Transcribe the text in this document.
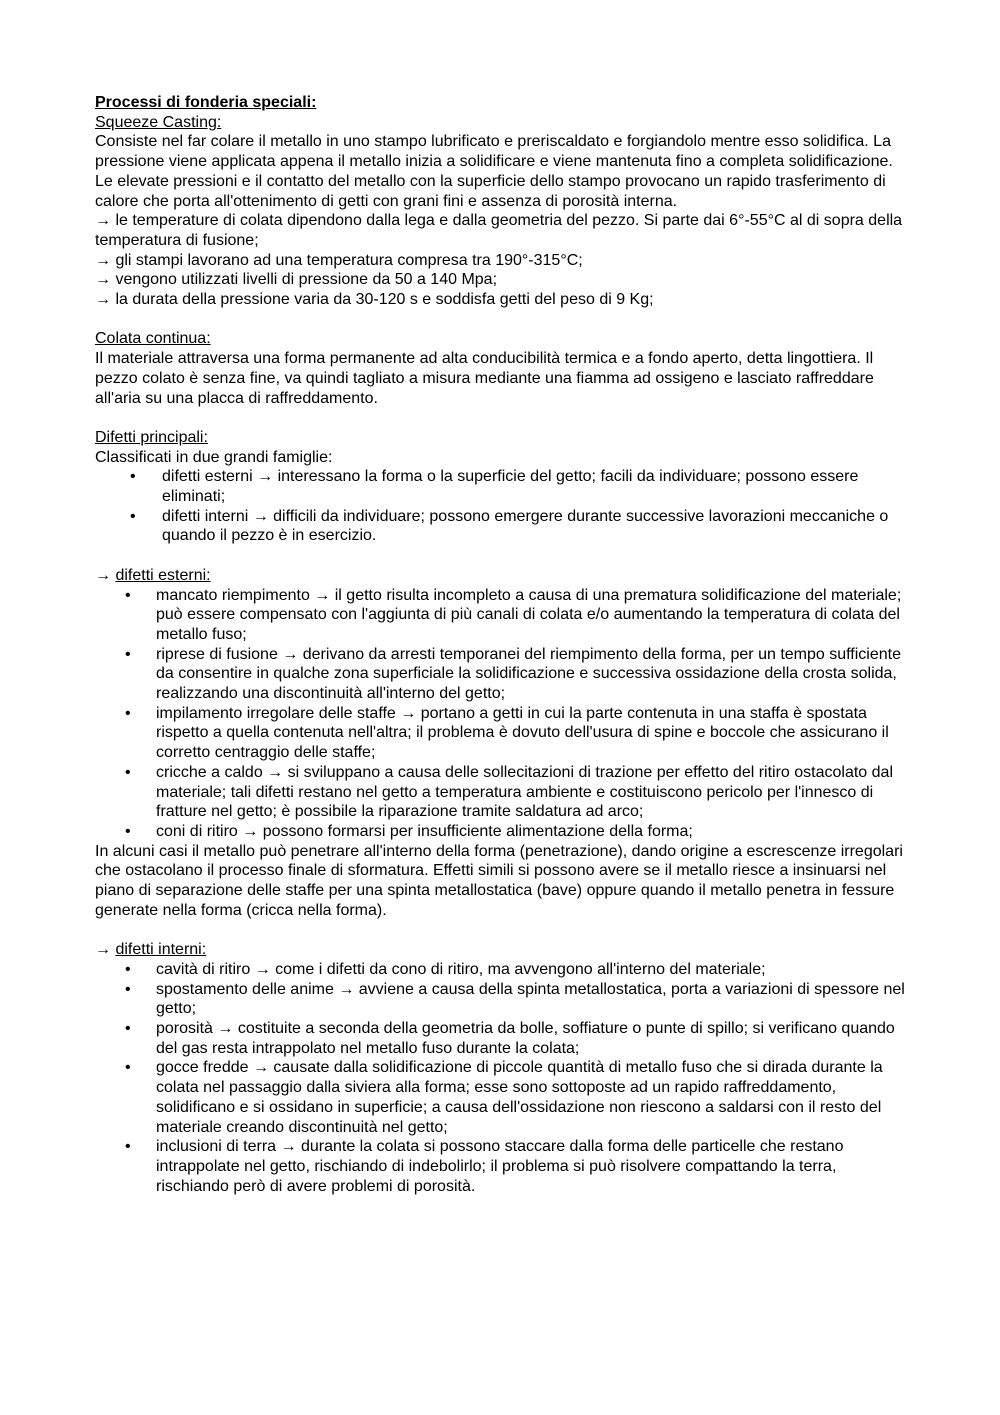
Processi di fonderia speciali:

Squeeze Casting:

Consiste nel far colare il metallo in uno stampo lubrificato e preriscaldato e forgiandolo mentre esso solidifica. La pressione viene applicata appena il metallo inizia a solidificare e viene mantenuta fino a completa solidificazione.

Le elevate pressioni e il contatto del metallo con la superficie dello stampo provocano un rapido trasferimento di calore che porta all'ottenimento di getti con grani fini e assenza di porosità interna.

→ le temperature di colata dipendono dalla lega e dalla geometria del pezzo. Si parte dai 6°-55°C al di sopra della temperatura di fusione;

→ gli stampi lavorano ad una temperatura compresa tra 190°-315°C;

→ vengono utilizzati livelli di pressione da 50 a 140 Mpa;

→ la durata della pressione varia da 30-120 s e soddisfa getti del peso di 9 Kg;

Colata continua:

Il materiale attraversa una forma permanente ad alta conducibilità termica e a fondo aperto, detta lingottiera. Il pezzo colato è senza fine, va quindi tagliato a misura mediante una fiamma ad ossigeno e lasciato raffreddare all'aria su una placca di raffreddamento.

Difetti principali:

Classificati in due grandi famiglie:

• difetti esterni → interessano la forma o la superficie del getto; facili da individuare; possono essere eliminati;
• difetti interni → difficili da individuare; possono emergere durante successive lavorazioni meccaniche o quando il pezzo è in esercizio.

→ difetti esterni:

• mancato riempimento → il getto risulta incompleto a causa di una prematura solidificazione del materiale; può essere compensato con l'aggiunta di più canali di colata e/o aumentando la temperatura di colata del metallo fuso;
• riprese di fusione → derivano da arresti temporanei del riempimento della forma, per un tempo sufficiente da consentire in qualche zona superficiale la solidificazione e successiva ossidazione della crosta solida, realizzando una discontinuità all'interno del getto;
• impilamento irregolare delle staffe → portano a getti in cui la parte contenuta in una staffa è spostata rispetto a quella contenuta nell'altra; il problema è dovuto dell'usura di spine e boccole che assicurano il corretto centraggio delle staffe;
• cricche a caldo → si sviluppano a causa delle sollecitazioni di trazione per effetto del ritiro ostacolato dal materiale; tali difetti restano nel getto a temperatura ambiente e costituiscono pericolo per l'innesco di fratture nel getto; è possibile la riparazione tramite saldatura ad arco;
• coni di ritiro → possono formarsi per insufficiente alimentazione della forma;

In alcuni casi il metallo può penetrare all'interno della forma (penetrazione), dando origine a escrescenze irregolari che ostacolano il processo finale di sformatura. Effetti simili si possono avere se il metallo riesce a insinuarsi nel piano di separazione delle staffe per una spinta metallostatica (bave) oppure quando il metallo penetra in fessure generate nella forma (cricca nella forma).

→ difetti interni:

• cavità di ritiro → come i difetti da cono di ritiro, ma avvengono all'interno del materiale;
• spostamento delle anime → avviene a causa della spinta metallostatica, porta a variazioni di spessore nel getto;
• porosità → costituite a seconda della geometria da bolle, soffiature o punte di spillo; si verificano quando del gas resta intrappolato nel metallo fuso durante la colata;
• gocce fredde → causate dalla solidificazione di piccole quantità di metallo fuso che si dirada durante la colata nel passaggio dalla siviera alla forma; esse sono sottoposte ad un rapido raffreddamento, solidificano e si ossidano in superficie; a causa dell'ossidazione non riescono a saldarsi con il resto del materiale creando discontinuità nel getto;
• inclusioni di terra → durante la colata si possono staccare dalla forma delle particelle che restano intrappolate nel getto, rischiando di indebolirlo; il problema si può risolvere compattando la terra, rischiando però di avere problemi di porosità.
